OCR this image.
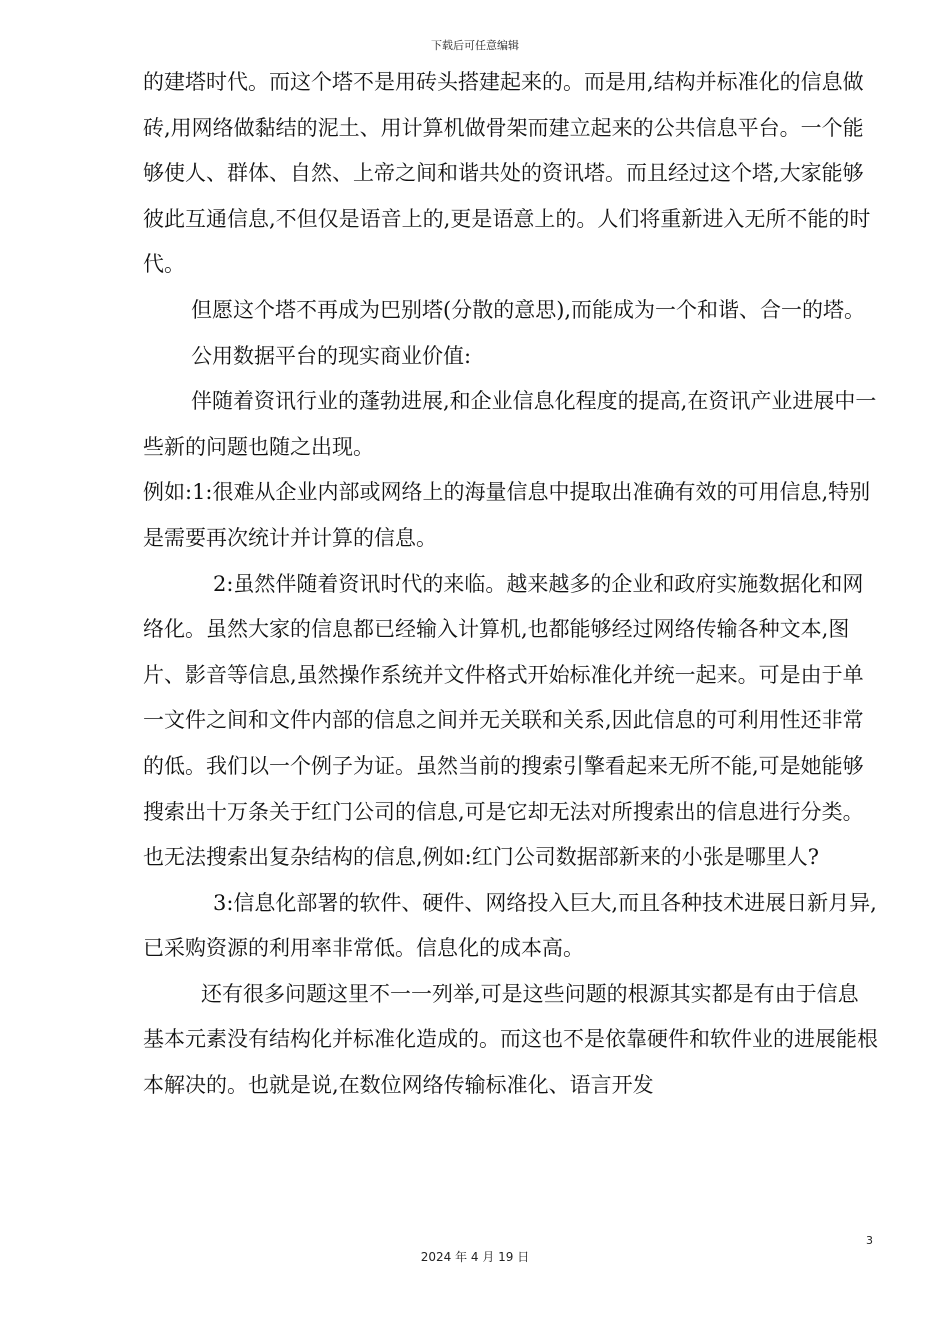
下载后可任意编辑

的建塔时代。而这个塔不是用砖头搭建起来的。而是用,结构并标准化的信息做砖,用网络做黏结的泥土、用计算机做骨架而建立起来的公共信息平台。一个能够使人、群体、自然、上帝之间和谐共处的资讯塔。而且经过这个塔,大家能够彼此互通信息,不但仅是语音上的,更是语意上的。人们将重新进入无所不能的时代。

但愿这个塔不再成为巴别塔(分散的意思),而能成为一个和谐、合一的塔。

公用数据平台的现实商业价值:

伴随着资讯行业的蓬勃进展,和企业信息化程度的提高,在资讯产业进展中一些新的问题也随之出现。

例如:1:很难从企业内部或网络上的海量信息中提取出准确有效的可用信息,特别是需要再次统计并计算的信息。

2:虽然伴随着资讯时代的来临。越来越多的企业和政府实施数据化和网络化。虽然大家的信息都已经输入计算机,也都能够经过网络传输各种文本,图片、影音等信息,虽然操作系统并文件格式开始标准化并统一起来。可是由于单一文件之间和文件内部的信息之间并无关联和关系,因此信息的可利用性还非常的低。我们以一个例子为证。虽然当前的搜索引擎看起来无所不能,可是她能够搜索出十万条关于红门公司的信息,可是它却无法对所搜索出的信息进行分类。也无法搜索出复杂结构的信息,例如:红门公司数据部新来的小张是哪里人?

3:信息化部署的软件、硬件、网络投入巨大,而且各种技术进展日新月异,已采购资源的利用率非常低。信息化的成本高。

还有很多问题这里不一一列举,可是这些问题的根源其实都是有由于信息基本元素没有结构化并标准化造成的。而这也不是依靠硬件和软件业的进展能根本解决的。也就是说,在数位网络传输标准化、语言开发

3
2024 年 4 月 19 日
